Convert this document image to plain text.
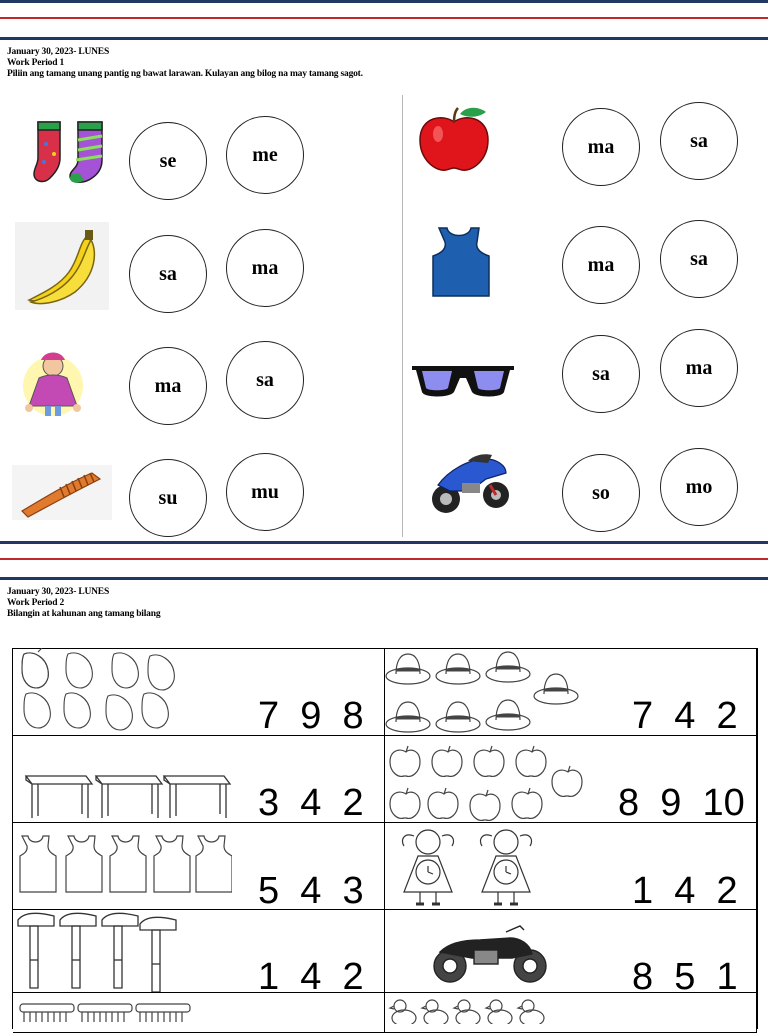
January 30, 2023- LUNES
Work Period 1
Piliin ang tamang unang pantig ng bawat larawan. Kulayan ang bilog na may tamang sagot.
se	me
sa	ma
ma	sa
su	mu
ma	sa
ma	sa
sa	ma
so	mo
January 30, 2023- LUNES
Work Period 2
Bilangin at kahunan ang tamang bilang
7  9  8	7  4  2
3  4  2	8  9  10
5  4  3	1  4  2
1  4  2	8  5  1
